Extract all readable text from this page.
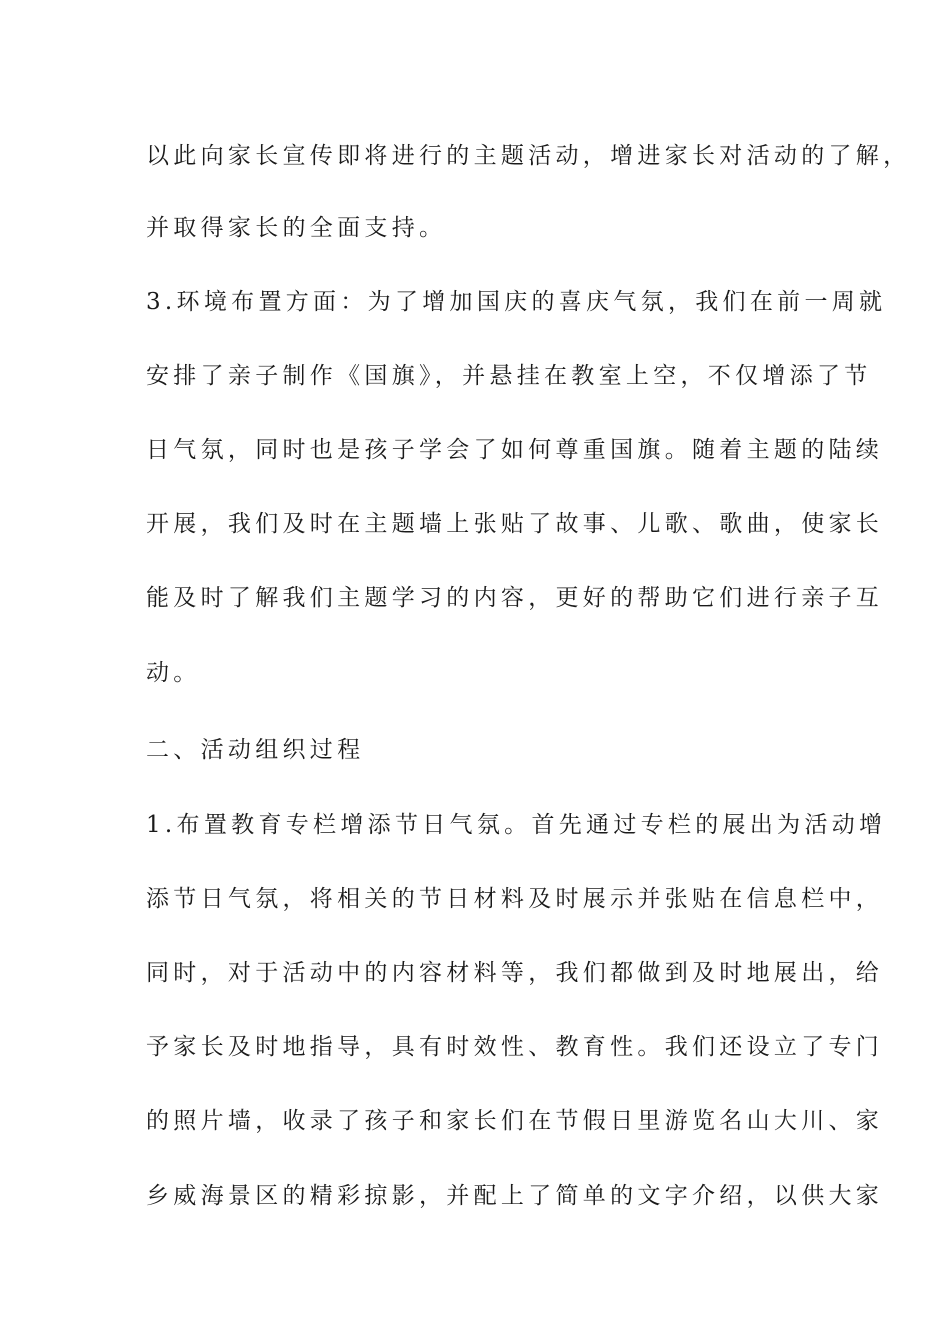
以此向家长宣传即将进行的主题活动，增进家长对活动的了解，
并取得家长的全面支持。
3.环境布置方面：为了增加国庆的喜庆气氛，我们在前一周就
安排了亲子制作《国旗》，并悬挂在教室上空，不仅增添了节
日气氛，同时也是孩子学会了如何尊重国旗。随着主题的陆续
开展，我们及时在主题墙上张贴了故事、儿歌、歌曲，使家长
能及时了解我们主题学习的内容，更好的帮助它们进行亲子互
动。
二、活动组织过程
1.布置教育专栏增添节日气氛。首先通过专栏的展出为活动增
添节日气氛，将相关的节日材料及时展示并张贴在信息栏中，
同时，对于活动中的内容材料等，我们都做到及时地展出，给
予家长及时地指导，具有时效性、教育性。我们还设立了专门
的照片墙，收录了孩子和家长们在节假日里游览名山大川、家
乡威海景区的精彩掠影，并配上了简单的文字介绍，以供大家
